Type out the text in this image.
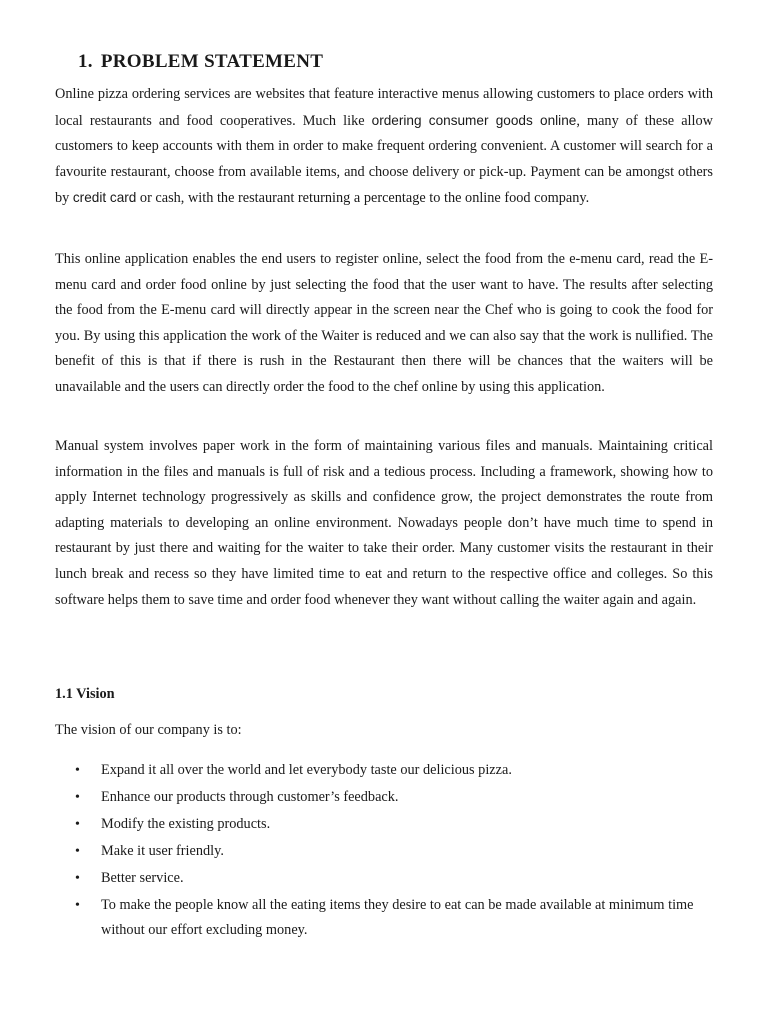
1. PROBLEM STATEMENT

Online pizza ordering services are websites that feature interactive menus allowing customers to place orders with local restaurants and food cooperatives. Much like ordering consumer goods online, many of these allow customers to keep accounts with them in order to make frequent ordering convenient. A customer will search for a favourite restaurant, choose from available items, and choose delivery or pick-up. Payment can be amongst others by credit card or cash, with the restaurant returning a percentage to the online food company.

This online application enables the end users to register online, select the food from the e-menu card, read the E-menu card and order food online by just selecting the food that the user want to have. The results after selecting the food from the E-menu card will directly appear in the screen near the Chef who is going to cook the food for you. By using this application the work of the Waiter is reduced and we can also say that the work is nullified. The benefit of this is that if there is rush in the Restaurant then there will be chances that the waiters will be unavailable and the users can directly order the food to the chef online by using this application.

Manual system involves paper work in the form of maintaining various files and manuals. Maintaining critical information in the files and manuals is full of risk and a tedious process. Including a framework, showing how to apply Internet technology progressively as skills and confidence grow, the project demonstrates the route from adapting materials to developing an online environment. Nowadays people don’t have much time to spend in restaurant by just there and waiting for the waiter to take their order. Many customer visits the restaurant in their lunch break and recess so they have limited time to eat and return to the respective office and colleges. So this software helps them to save time and order food whenever they want without calling the waiter again and again.

1.1 Vision

The vision of our company is to:

• Expand it all over the world and let everybody taste our delicious pizza.
• Enhance our products through customer’s feedback.
• Modify the existing products.
• Make it user friendly.
• Better service.
• To make the people know all the eating items they desire to eat can be made available at minimum time without our effort excluding money.
